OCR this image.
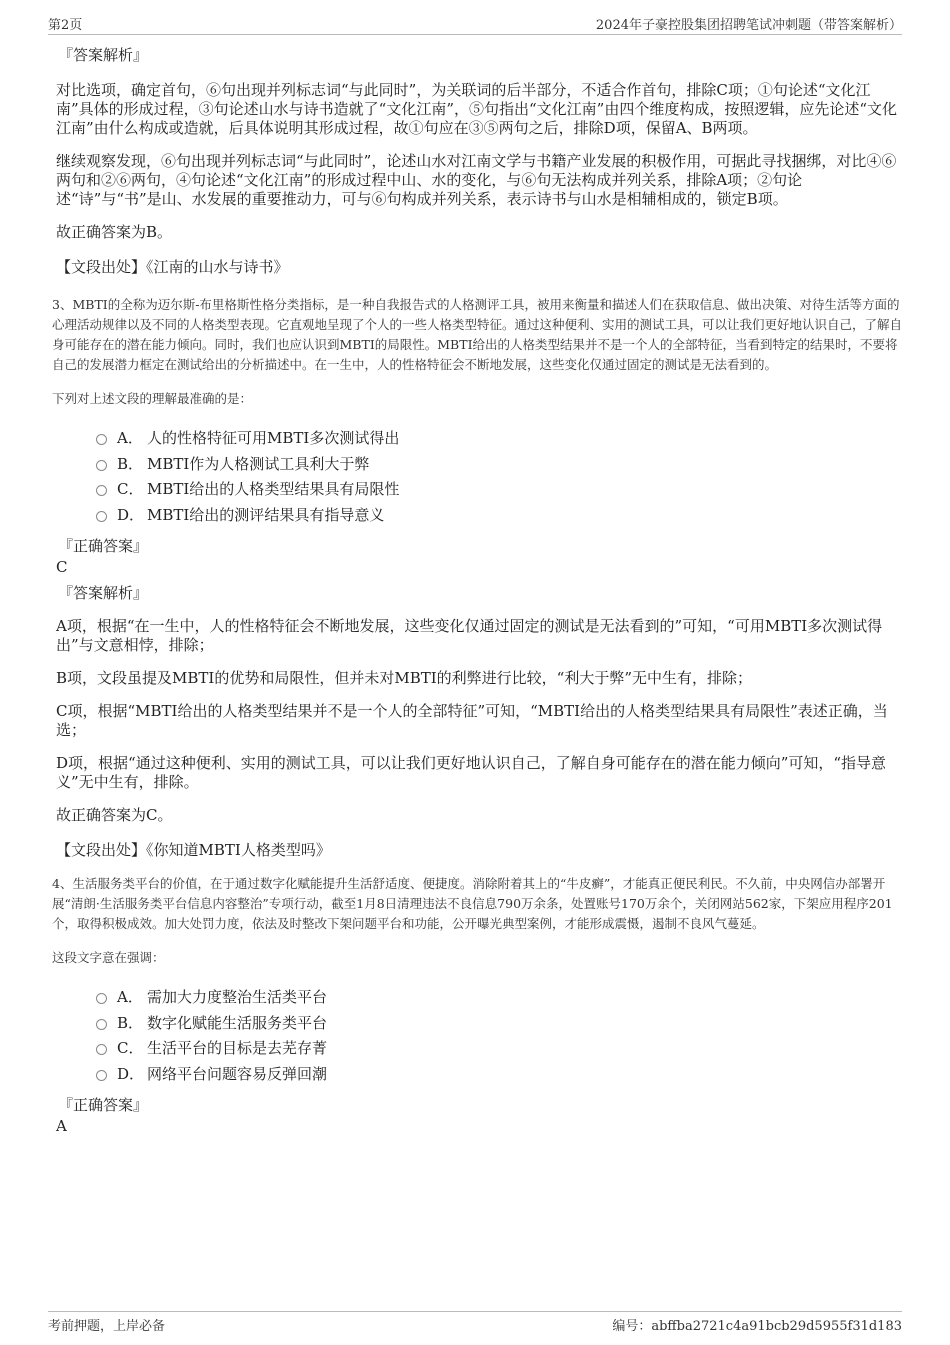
第2页	2024年子豪控股集团招聘笔试冲刺题（带答案解析）
『答案解析』

对比选项，确定首句，⑥句出现并列标志词“与此同时”，为关联词的后半部分，不适合作首句，排除C项；①句论述“文化江南”具体的形成过程，③句论述山水与诗书造就了“文化江南”，⑤句指出“文化江南”由四个维度构成，按照逻辑，应先论述“文化江南”由什么构成或造就，后具体说明其形成过程，故①句应在③⑤两句之后，排除D项，保留A、B两项。

继续观察发现，⑥句出现并列标志词“与此同时”，论述山水对江南文学与书籍产业发展的积极作用，可据此寻找捆绑，对比④⑥两句和②⑥两句，④句论述“文化江南”的形成过程中山、水的变化，与⑥句无法构成并列关系，排除A项；②句论述“诗”与“书”是山、水发展的重要推动力，可与⑥句构成并列关系，表示诗书与山水是相辅相成的，锁定B项。

故正确答案为B。

【文段出处】《江南的山水与诗书》
3、MBTI的全称为迈尔斯-布里格斯性格分类指标，是一种自我报告式的人格测评工具，被用来衡量和描述人们在获取信息、做出决策、对待生活等方面的心理活动规律以及不同的人格类型表现。它直观地呈现了个人的一些人格类型特征。通过这种便利、实用的测试工具，可以让我们更好地认识自己，了解自身可能存在的潜在能力倾向。同时，我们也应认识到MBTI的局限性。MBTI给出的人格类型结果并不是一个人的全部特征，当看到特定的结果时，不要将自己的发展潜力框定在测试给出的分析描述中。在一生中，人的性格特征会不断地发展，这些变化仅通过固定的测试是无法看到的。
下列对上述文段的理解最准确的是：
A． 人的性格特征可用MBTI多次测试得出
B． MBTI作为人格测试工具利大于弊
C． MBTI给出的人格类型结果具有局限性
D． MBTI给出的测评结果具有指导意义
『正确答案』
C
『答案解析』

A项，根据“在一生中，人的性格特征会不断地发展，这些变化仅通过固定的测试是无法看到的”可知，“可用MBTI多次测试得出”与文意相悖，排除；

B项，文段虽提及MBTI的优势和局限性，但并未对MBTI的利弊进行比较，“利大于弊”无中生有，排除；

C项，根据“MBTI给出的人格类型结果并不是一个人的全部特征”可知，“MBTI给出的人格类型结果具有局限性”表述正确，当选；

D项，根据“通过这种便利、实用的测试工具，可以让我们更好地认识自己，了解自身可能存在的潜在能力倾向”可知，“指导意义”无中生有，排除。

故正确答案为C。

【文段出处】《你知道MBTI人格类型吗》
4、生活服务类平台的价值，在于通过数字化赋能提升生活舒适度、便捷度。消除附着其上的“牛皮癣”，才能真正便民利民。不久前，中央网信办部署开展“清朗·生活服务类平台信息内容整治”专项行动，截至1月8日清理违法不良信息790万余条，处置账号170万余个，关闭网站562家，下架应用程序201个，取得积极成效。加大处罚力度，依法及时整改下架问题平台和功能，公开曝光典型案例，才能形成震慑，遏制不良风气蔓延。
这段文字意在强调：
A． 需加大力度整治生活类平台
B． 数字化赋能生活服务类平台
C． 生活平台的目标是去芜存菁
D． 网络平台问题容易反弹回潮
『正确答案』
A
考前押题，上岸必备	编号：abffba2721c4a91bcb29d5955f31d183
